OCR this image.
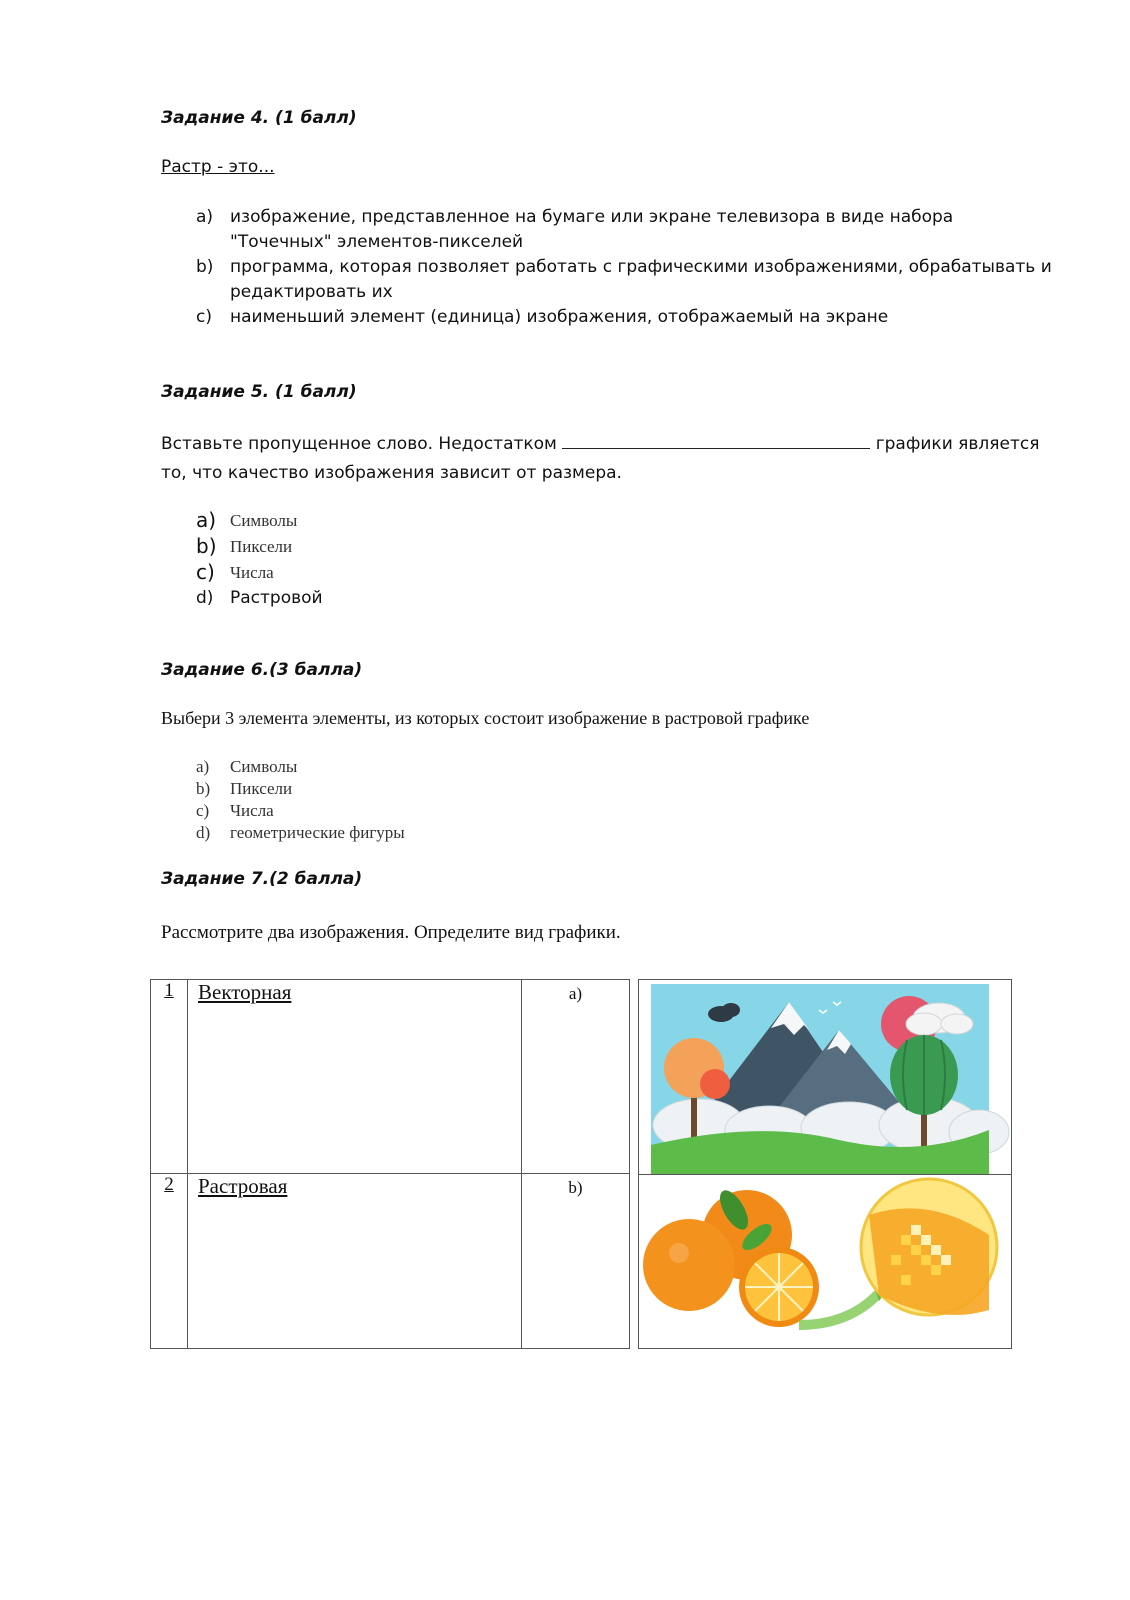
Задание 4. (1 балл)
Растр - это...
a) изображение, представленное на бумаге или экране телевизора в виде набора "Точечных" элементов-пикселей
b) программа, которая позволяет работать с графическими изображениями, обрабатывать и редактировать их
c) наименьший элемент (единица) изображения, отображаемый на экране
Задание 5. (1 балл)
Вставьте пропущенное слово. Недостатком	графики является
то, что качество изображения зависит от размера.
a) Символы
b) Пиксели
c) Числа
d) Растровой
Задание 6.(3 балла)
Выбери 3 элемента элементы, из которых состоит изображение в растровой графике
a) Символы
b) Пиксели
c) Числа
d) геометрические фигуры
Задание 7.(2 балла)
Рассмотрите два изображения. Определите вид графики.
1	Векторная	a)
2	Растровая	b)
